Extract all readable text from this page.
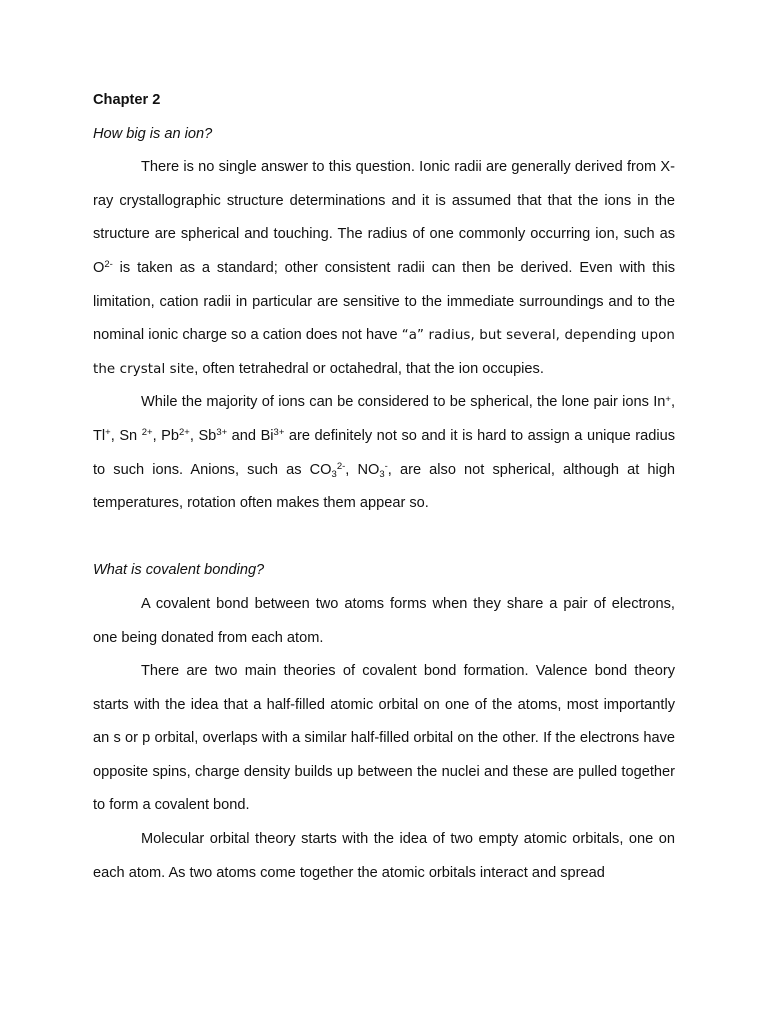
Chapter 2

How big is an ion?

There is no single answer to this question. Ionic radii are generally derived from X-ray crystallographic structure determinations and it is assumed that that the ions in the structure are spherical and touching. The radius of one commonly occurring ion, such as $O^{2-}$ is taken as a standard; other consistent radii can then be derived. Even with this limitation, cation radii in particular are sensitive to the immediate surroundings and to the nominal ionic charge so a cation does not have “a” radius, but several, depending upon the crystal site, often tetrahedral or octahedral, that the ion occupies.

While the majority of ions can be considered to be spherical, the lone pair ions In+, Tl+, Sn $^{2+}$, $Pb^{2+}$, $Sb^{3+}$ and $Bi^{3+}$ are definitely not so and it is hard to assign a unique radius to such ions. Anions, such as $CO_3^{2-}$, $NO_3^-$, are also not spherical, although at high temperatures, rotation often makes them appear so.

What is covalent bonding?

A covalent bond between two atoms forms when they share a pair of electrons, one being donated from each atom.

There are two main theories of covalent bond formation. Valence bond theory starts with the idea that a half-filled atomic orbital on one of the atoms, most importantly an s or p orbital, overlaps with a similar half-filled orbital on the other. If the electrons have opposite spins, charge density builds up between the nuclei and these are pulled together to form a covalent bond.

Molecular orbital theory starts with the idea of two empty atomic orbitals, one on each atom. As two atoms come together the atomic orbitals interact and spread
